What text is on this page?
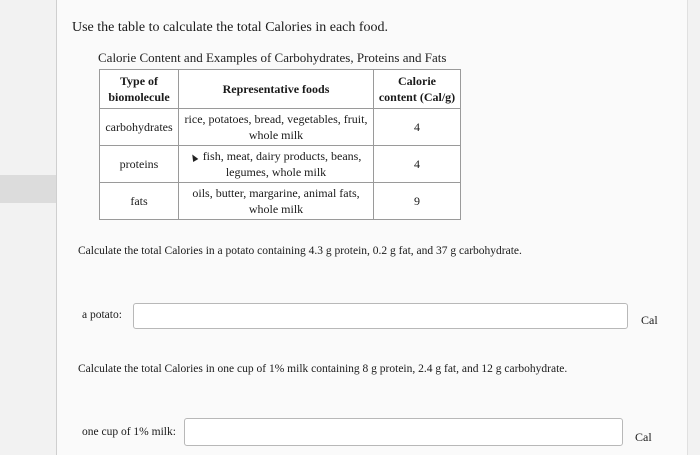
Use the table to calculate the total Calories in each food.
Calorie Content and Examples of Carbohydrates, Proteins and Fats
Type of biomolecule	Representative foods	Calorie content (Cal/g)
carbohydrates	rice, potatoes, bread, vegetables, fruit, whole milk	4
proteins	fish, meat, dairy products, beans, legumes, whole milk	4
fats	oils, butter, margarine, animal fats, whole milk	9
Calculate the total Calories in a potato containing 4.3 g protein, 0.2 g fat, and 37 g carbohydrate.
a potato:	Cal
Calculate the total Calories in one cup of 1% milk containing 8 g protein, 2.4 g fat, and 12 g carbohydrate.
one cup of 1% milk:	Cal
